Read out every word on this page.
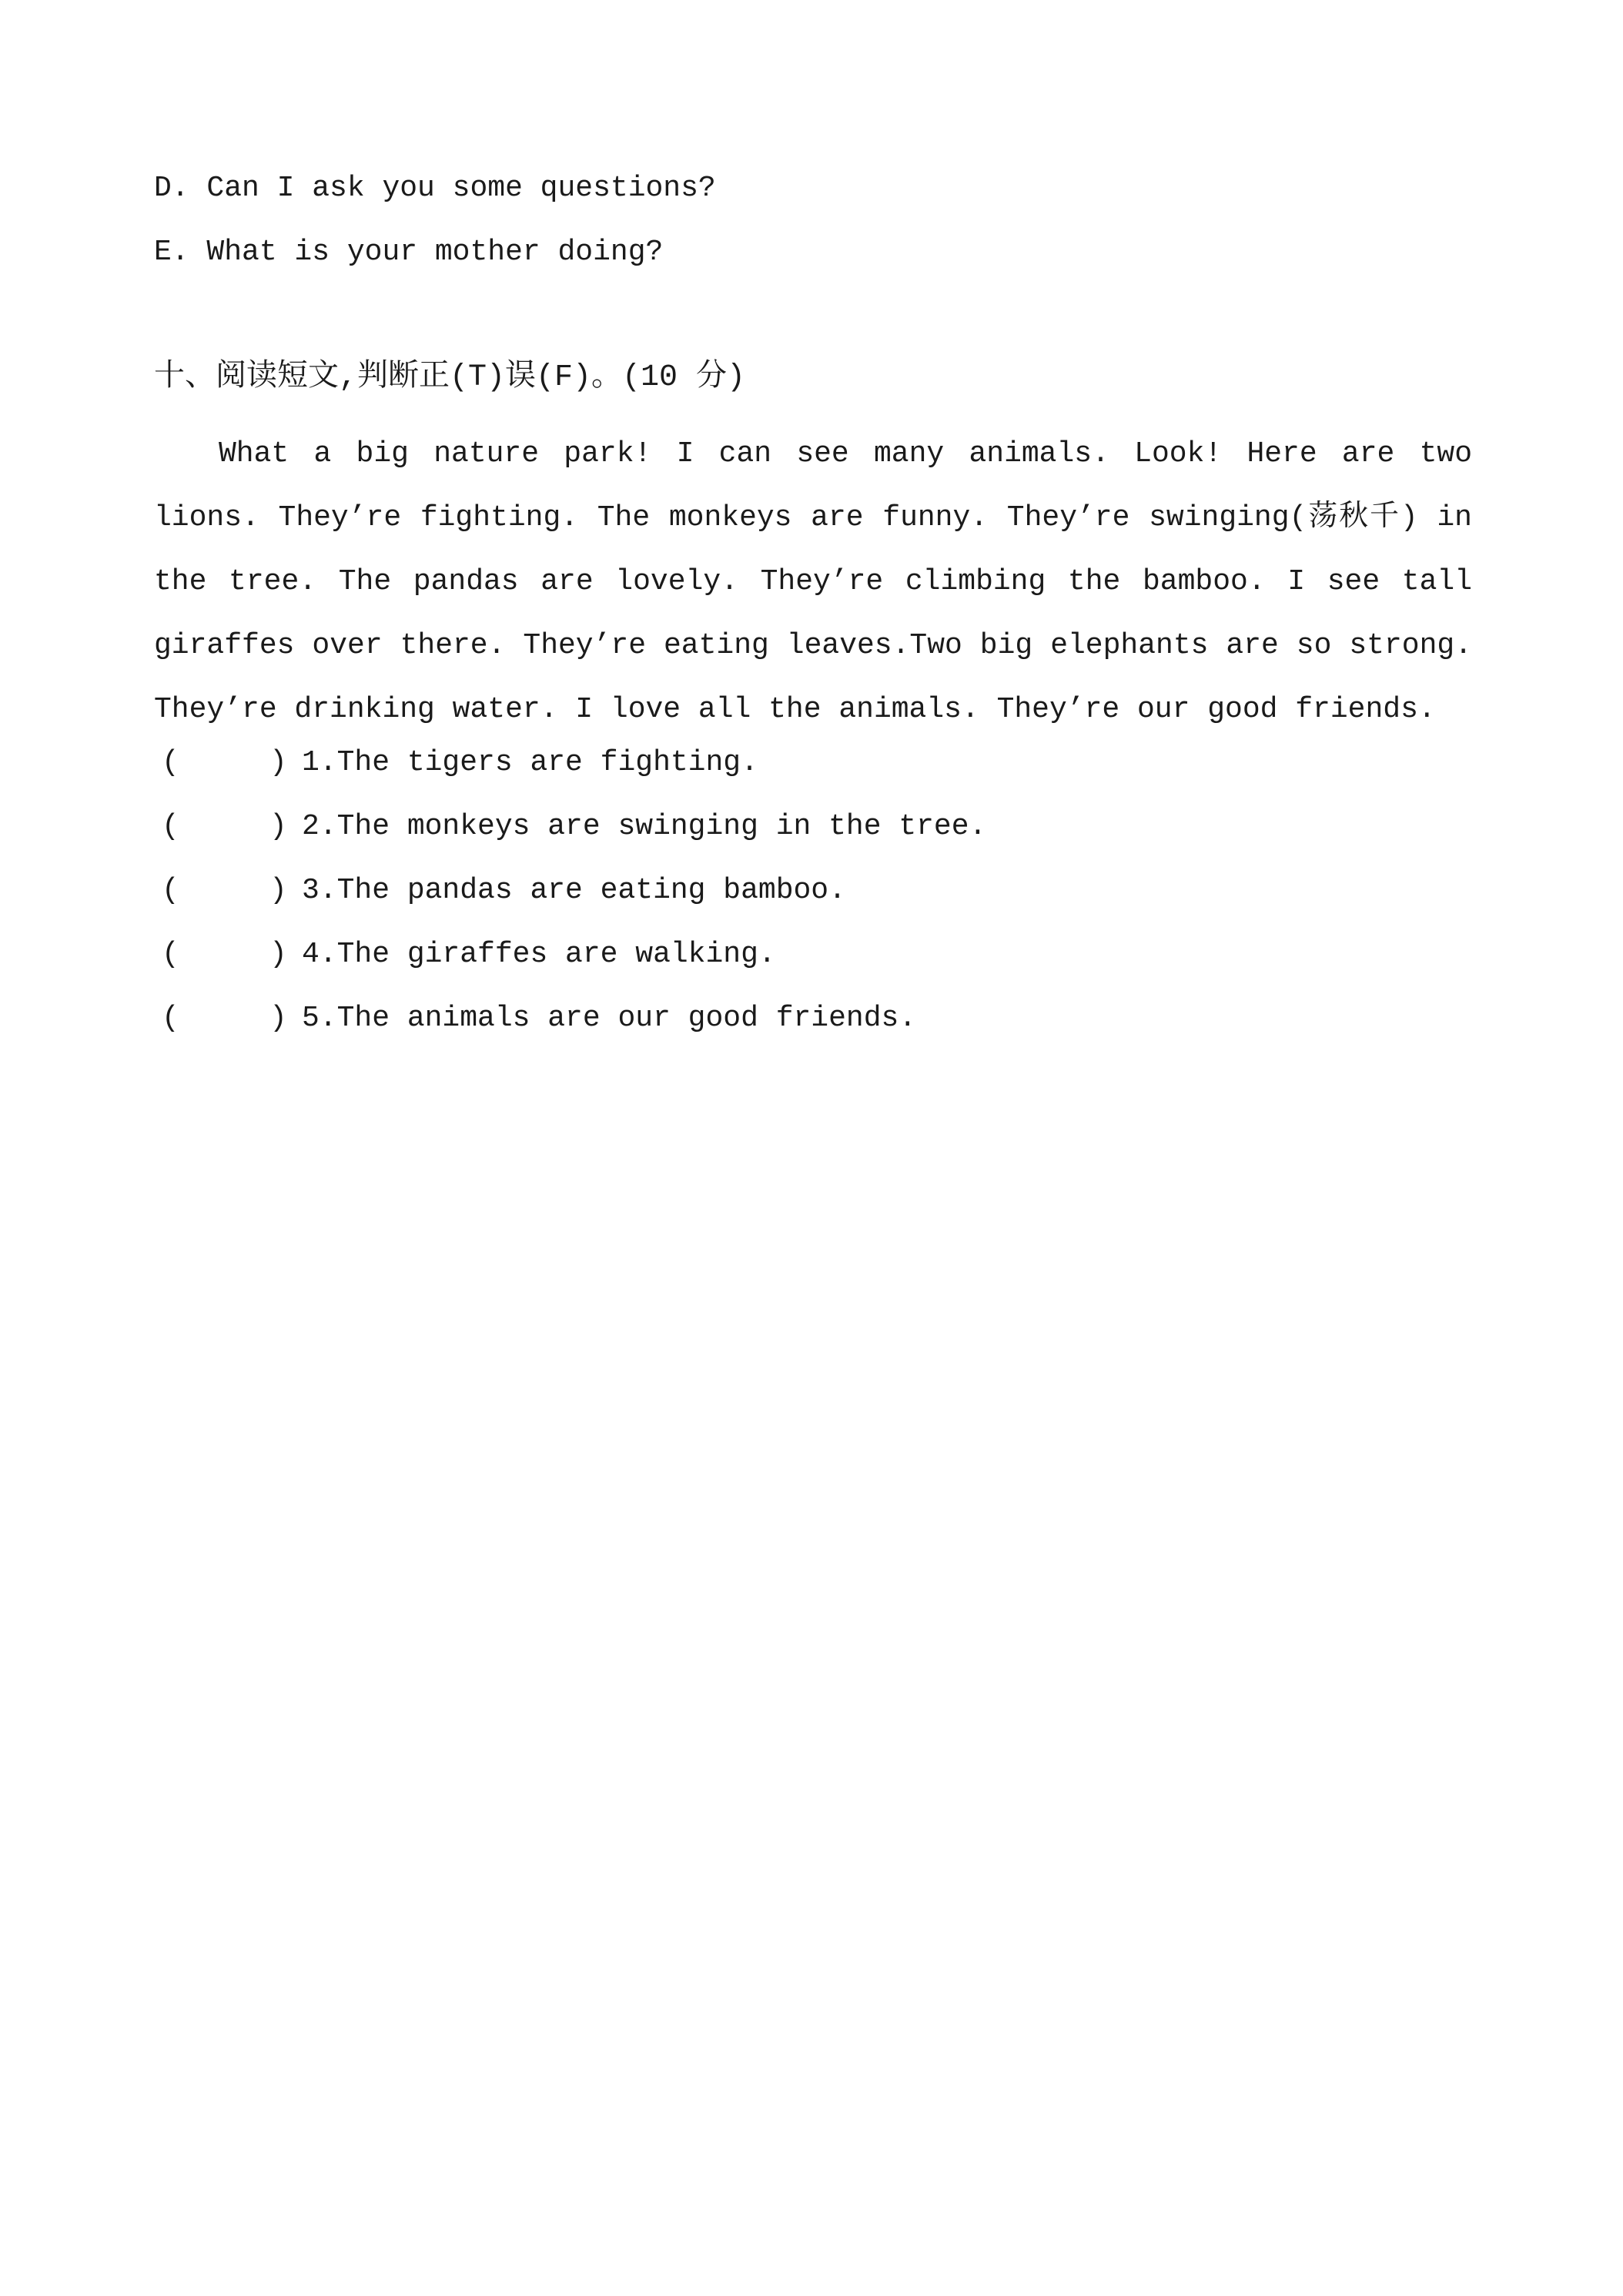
D. Can I ask you some questions?
E. What is your mother doing?
十、阅读短文,判断正(T)误(F)。(10 分)
What a big nature park! I can see many animals. Look! Here are two lions. They’re fighting. The monkeys are funny. They’re swinging(荡秋千) in the tree. The pandas are lovely. They’re climbing the bamboo. I see tall giraffes over there. They’re eating leaves.Two big elephants are so strong. They’re drinking water. I love all the animals. They’re our good friends.

(

	)

1.The tigers are fighting.

(

	)

2.The monkeys are swinging in the tree.

(

	)

3.The pandas are eating bamboo.

(

	)

4.The giraffes are walking.

(

	)

5.The animals are our good friends.
